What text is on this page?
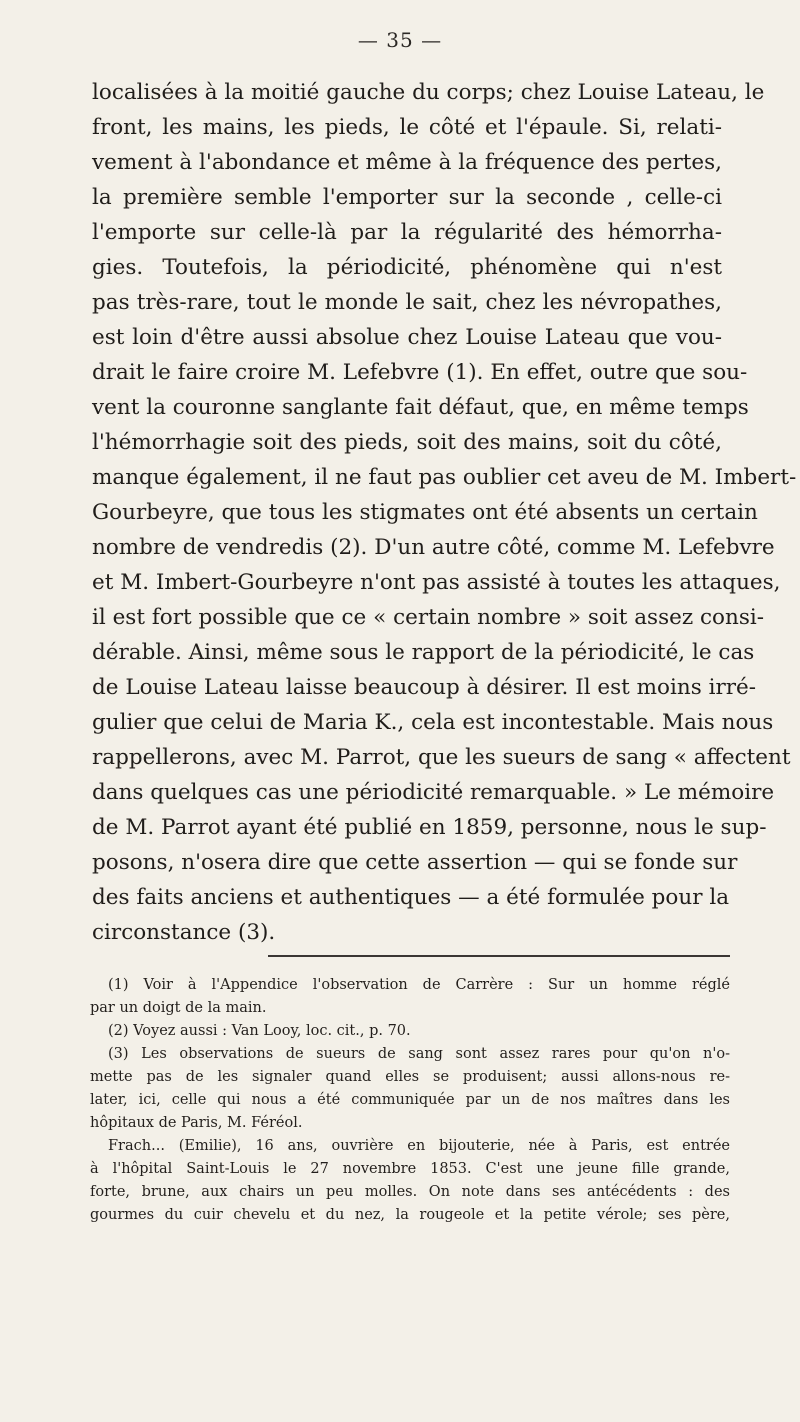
— 35 —
localisées à la moitié gauche du corps; chez Louise Lateau, le
front, les mains, les pieds, le côté et l'épaule. Si, relati-
vement à l'abondance et même à la fréquence des pertes,
la première semble l'emporter sur la seconde , celle-ci
l'emporte sur celle-là par la régularité des hémorrha-
gies. Toutefois, la périodicité, phénomène qui n'est
pas très-rare, tout le monde le sait, chez les névropathes,
est loin d'être aussi absolue chez Louise Lateau que vou-
drait le faire croire M. Lefebvre (1). En effet, outre que sou-
vent la couronne sanglante fait défaut, que, en même temps
l'hémorrhagie soit des pieds, soit des mains, soit du côté,
manque également, il ne faut pas oublier cet aveu de M. Imbert-
Gourbeyre, que tous les stigmates ont été absents un certain
nombre de vendredis (2). D'un autre côté, comme M. Lefebvre
et M. Imbert-Gourbeyre n'ont pas assisté à toutes les attaques,
il est fort possible que ce « certain nombre » soit assez consi-
dérable. Ainsi, même sous le rapport de la périodicité, le cas
de Louise Lateau laisse beaucoup à désirer. Il est moins irré-
gulier que celui de Maria K., cela est incontestable. Mais nous
rappellerons, avec M. Parrot, que les sueurs de sang « affectent
dans quelques cas une périodicité remarquable. » Le mémoire
de M. Parrot ayant été publié en 1859, personne, nous le sup-
posons, n'osera dire que cette assertion — qui se fonde sur
des faits anciens et authentiques — a été formulée pour la
circonstance (3).
(1) Voir à l'Appendice l'observation de Carrère : Sur un homme réglé
par un doigt de la main.
(2) Voyez aussi : Van Looy, loc. cit., p. 70.
(3) Les observations de sueurs de sang sont assez rares pour qu'on n'o-
mette pas de les signaler quand elles se produisent; aussi allons-nous re-
later, ici, celle qui nous a été communiquée par un de nos maîtres dans les
hôpitaux de Paris, M. Féréol.
Frach... (Emilie), 16 ans, ouvrière en bijouterie, née à Paris, est entrée
à l'hôpital Saint-Louis le 27 novembre 1853. C'est une jeune fille grande,
forte, brune, aux chairs un peu molles. On note dans ses antécédents : des
gourmes du cuir chevelu et du nez, la rougeole et la petite vérole; ses père,
